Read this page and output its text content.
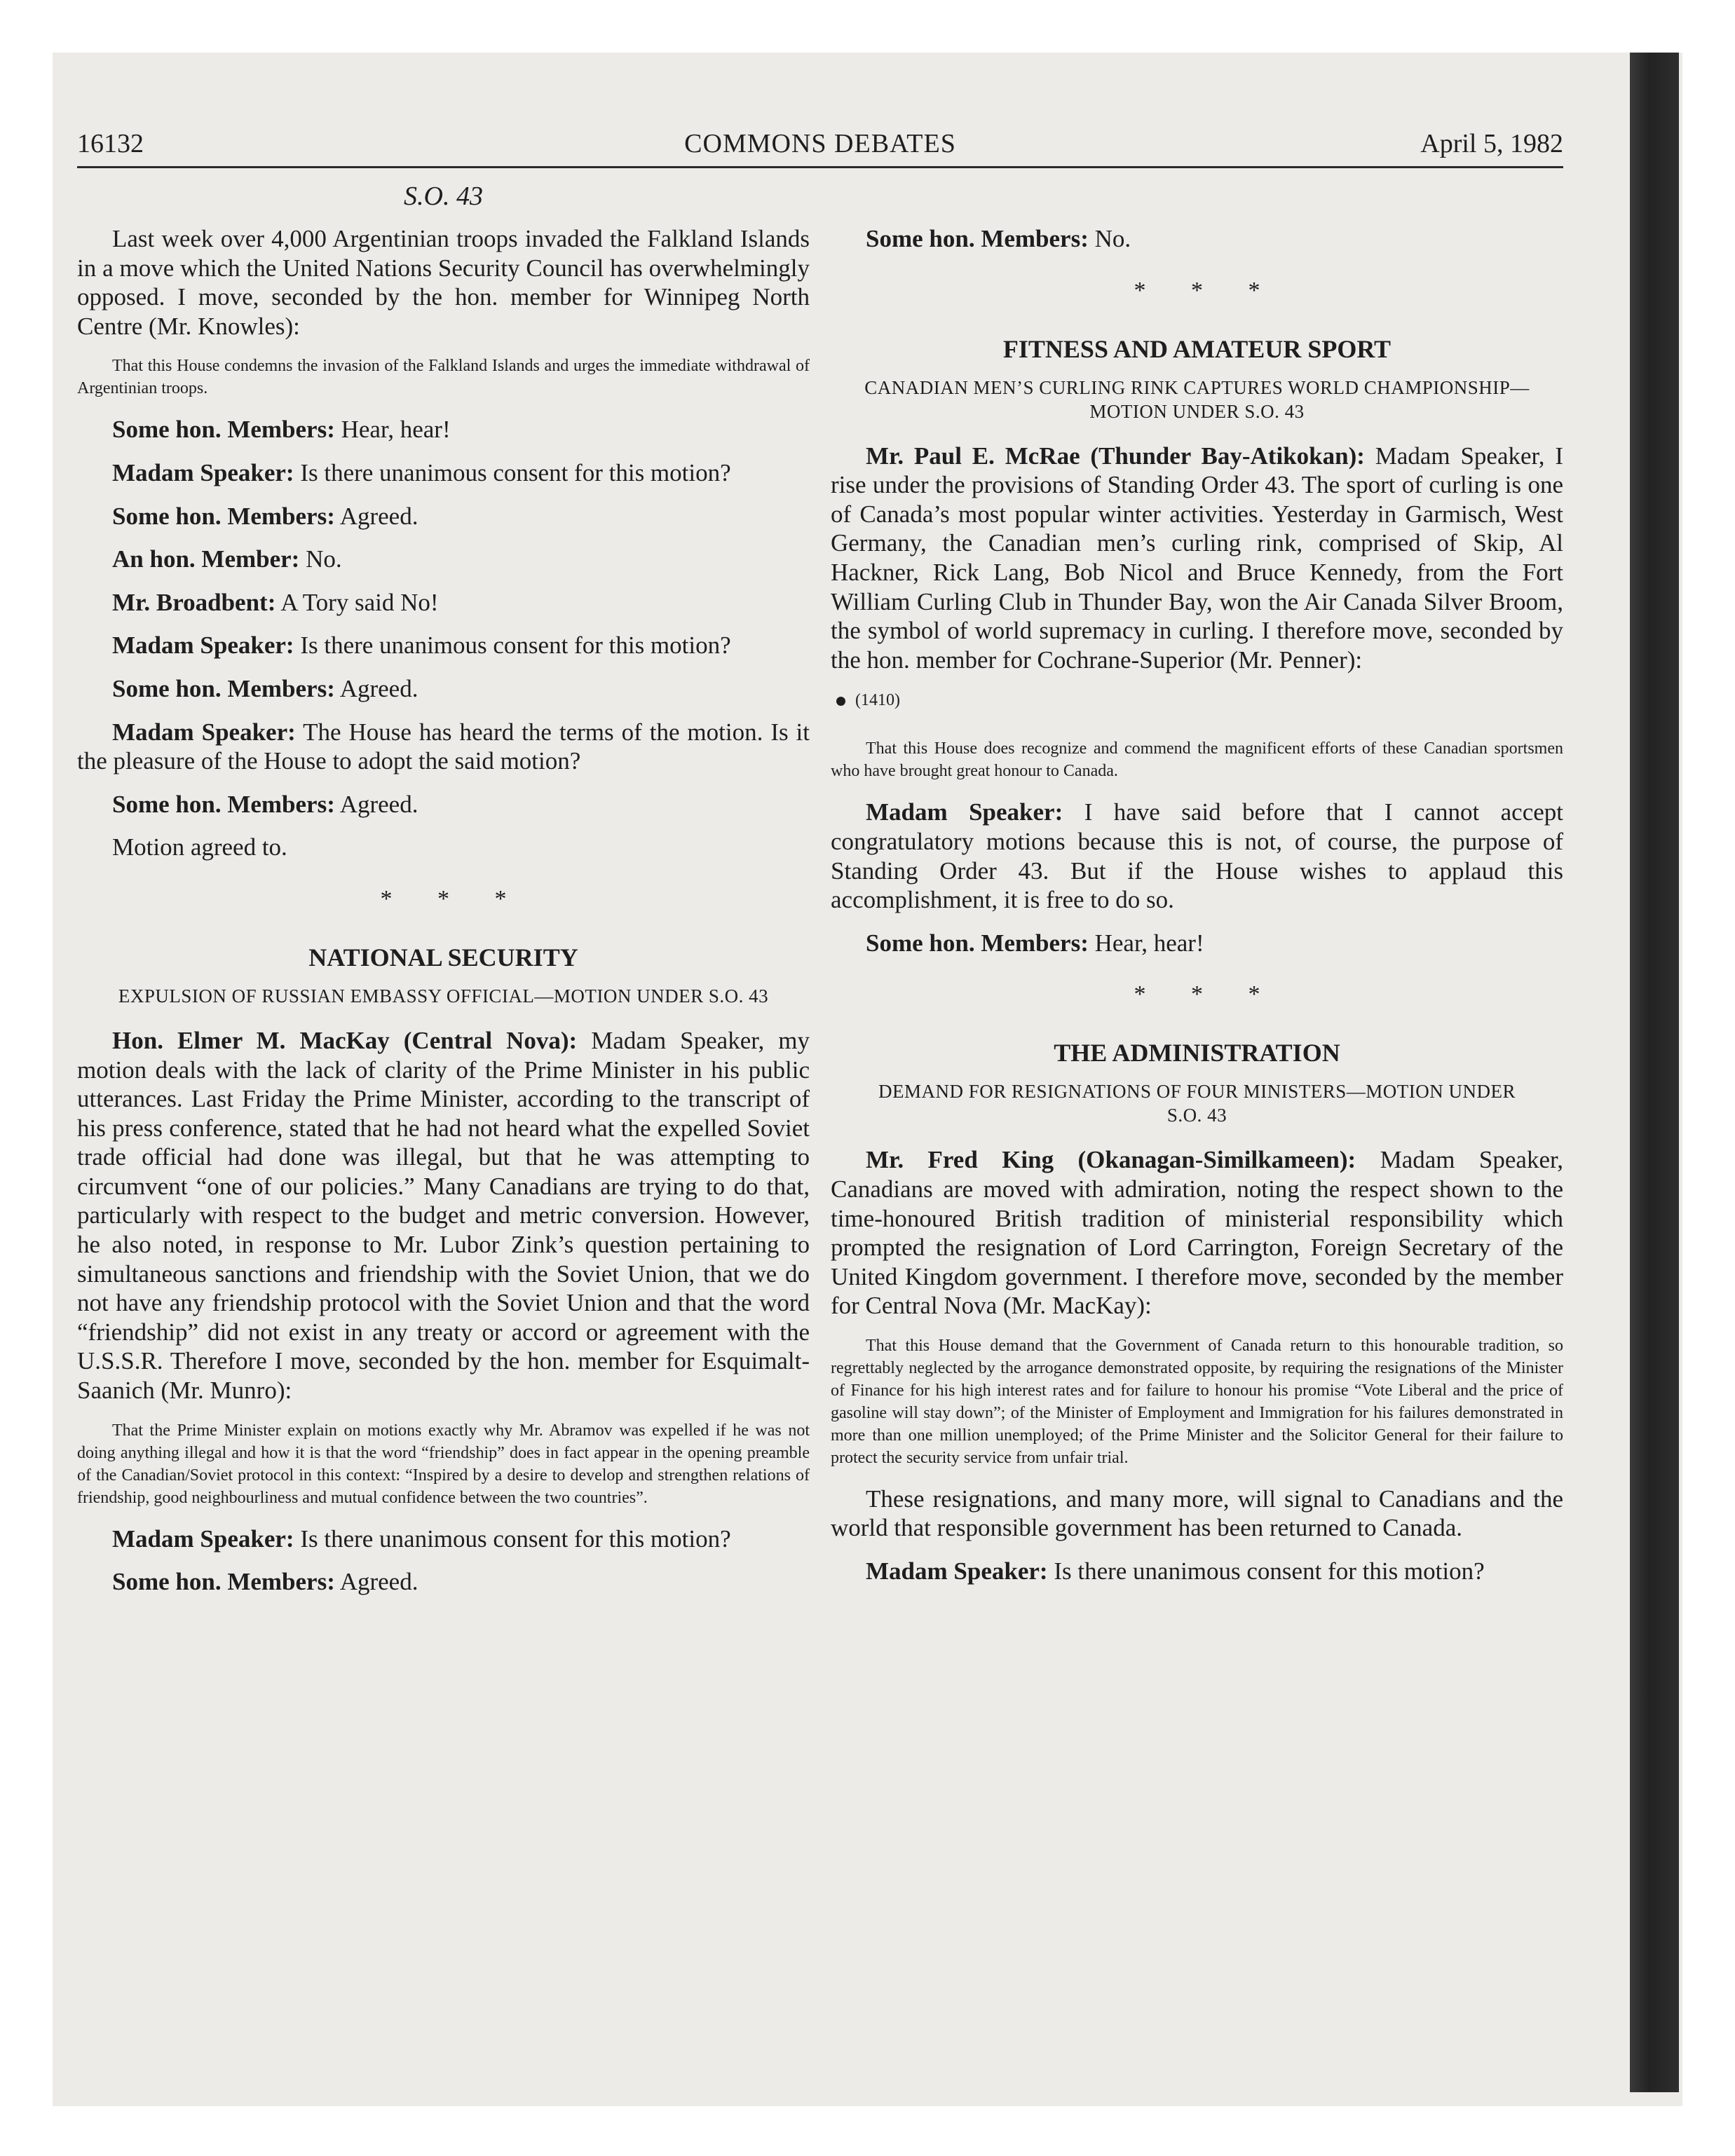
16132	COMMONS DEBATES	April 5, 1982
S.O. 43

Last week over 4,000 Argentinian troops invaded the Falkland Islands in a move which the United Nations Security Council has overwhelmingly opposed. I move, seconded by the hon. member for Winnipeg North Centre (Mr. Knowles):

That this House condemns the invasion of the Falkland Islands and urges the immediate withdrawal of Argentinian troops.

Some hon. Members: Hear, hear!

Madam Speaker: Is there unanimous consent for this motion?

Some hon. Members: Agreed.

An hon. Member: No.

Mr. Broadbent: A Tory said No!

Madam Speaker: Is there unanimous consent for this motion?

Some hon. Members: Agreed.

Madam Speaker: The House has heard the terms of the motion. Is it the pleasure of the House to adopt the said motion?

Some hon. Members: Agreed.

Motion agreed to.

* * *
NATIONAL SECURITY
EXPULSION OF RUSSIAN EMBASSY OFFICIAL—MOTION UNDER S.O. 43

Hon. Elmer M. MacKay (Central Nova): Madam Speaker, my motion deals with the lack of clarity of the Prime Minister in his public utterances. Last Friday the Prime Minister, according to the transcript of his press conference, stated that he had not heard what the expelled Soviet trade official had done was illegal, but that he was attempting to circumvent “one of our policies.” Many Canadians are trying to do that, particularly with respect to the budget and metric conversion. However, he also noted, in response to Mr. Lubor Zink’s question pertaining to simultaneous sanctions and friendship with the Soviet Union, that we do not have any friendship protocol with the Soviet Union and that the word “friendship” did not exist in any treaty or accord or agreement with the U.S.S.R. Therefore I move, seconded by the hon. member for Esquimalt-Saanich (Mr. Munro):

That the Prime Minister explain on motions exactly why Mr. Abramov was expelled if he was not doing anything illegal and how it is that the word “friendship” does in fact appear in the opening preamble of the Canadian/Soviet protocol in this context: “Inspired by a desire to develop and strengthen relations of friendship, good neighbourliness and mutual confidence between the two countries”.

Madam Speaker: Is there unanimous consent for this motion?

Some hon. Members: Agreed.

Some hon. Members: No.

* * *
FITNESS AND AMATEUR SPORT
CANADIAN MEN’S CURLING RINK CAPTURES WORLD CHAMPIONSHIP—MOTION UNDER S.O. 43

Mr. Paul E. McRae (Thunder Bay-Atikokan): Madam Speaker, I rise under the provisions of Standing Order 43. The sport of curling is one of Canada’s most popular winter activities. Yesterday in Garmisch, West Germany, the Canadian men’s curling rink, comprised of Skip, Al Hackner, Rick Lang, Bob Nicol and Bruce Kennedy, from the Fort William Curling Club in Thunder Bay, won the Air Canada Silver Broom, the symbol of world supremacy in curling. I therefore move, seconded by the hon. member for Cochrane-Superior (Mr. Penner):

(1410)

That this House does recognize and commend the magnificent efforts of these Canadian sportsmen who have brought great honour to Canada.

Madam Speaker: I have said before that I cannot accept congratulatory motions because this is not, of course, the purpose of Standing Order 43. But if the House wishes to applaud this accomplishment, it is free to do so.

Some hon. Members: Hear, hear!

* * *
THE ADMINISTRATION
DEMAND FOR RESIGNATIONS OF FOUR MINISTERS—MOTION UNDER S.O. 43

Mr. Fred King (Okanagan-Similkameen): Madam Speaker, Canadians are moved with admiration, noting the respect shown to the time-honoured British tradition of ministerial responsibility which prompted the resignation of Lord Carrington, Foreign Secretary of the United Kingdom government. I therefore move, seconded by the member for Central Nova (Mr. MacKay):

That this House demand that the Government of Canada return to this honourable tradition, so regrettably neglected by the arrogance demonstrated opposite, by requiring the resignations of the Minister of Finance for his high interest rates and for failure to honour his promise “Vote Liberal and the price of gasoline will stay down”; of the Minister of Employment and Immigration for his failures demonstrated in more than one million unemployed; of the Prime Minister and the Solicitor General for their failure to protect the security service from unfair trial.

These resignations, and many more, will signal to Canadians and the world that responsible government has been returned to Canada.

Madam Speaker: Is there unanimous consent for this motion?
